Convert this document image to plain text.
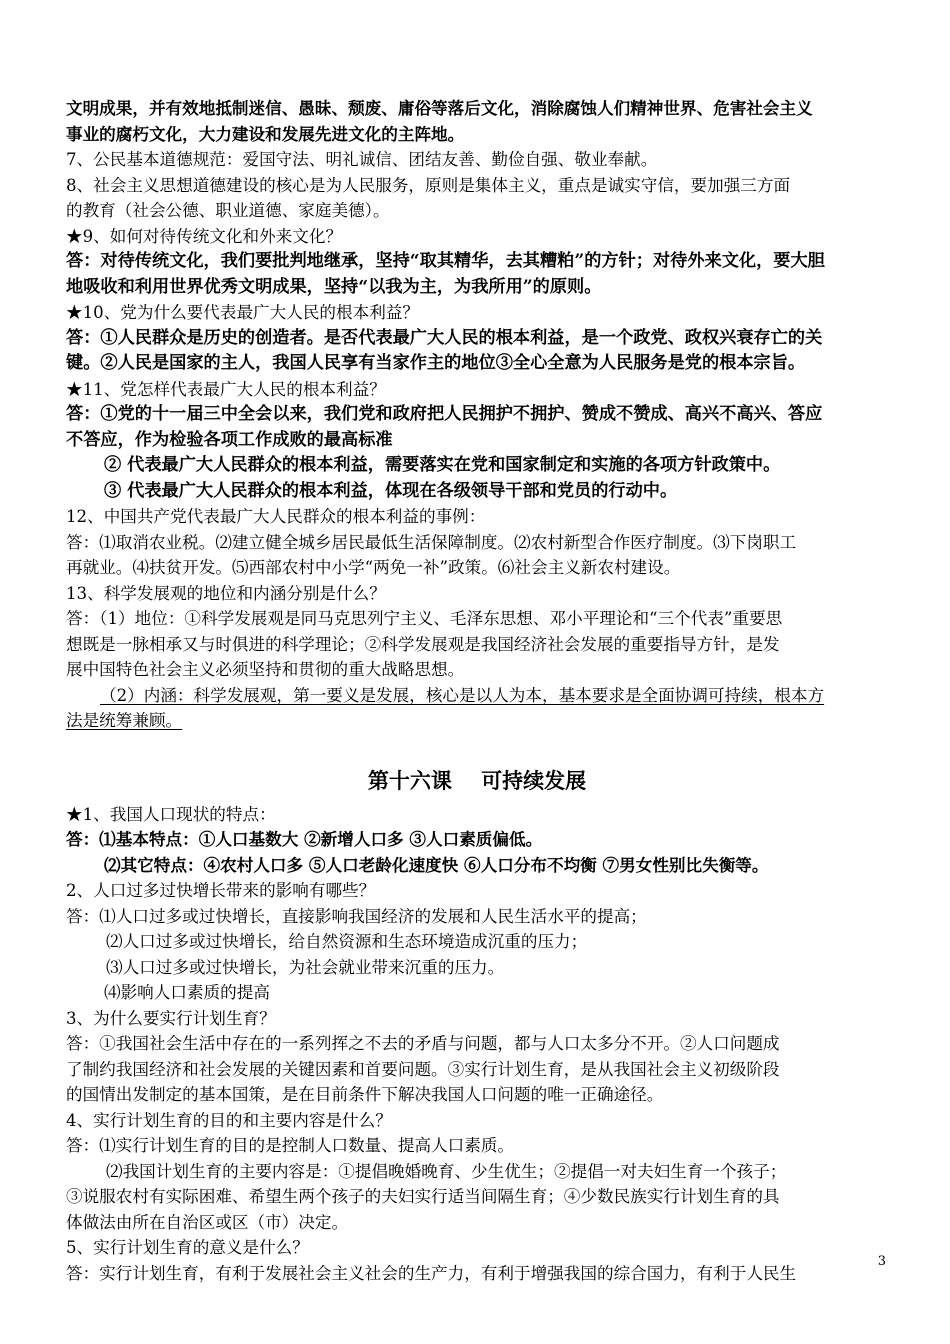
文明成果，并有效地抵制迷信、愚昧、颓废、庸俗等落后文化，消除腐蚀人们精神世界、危害社会主义
事业的腐朽文化，大力建设和发展先进文化的主阵地。
7、公民基本道德规范：爱国守法、明礼诚信、团结友善、勤俭自强、敬业奉献。
8、社会主义思想道德建设的核心是为人民服务，原则是集体主义，重点是诚实守信，要加强三方面
的教育（社会公德、职业道德、家庭美德）。
★9、如何对待传统文化和外来文化？
答：对待传统文化，我们要批判地继承，坚持“取其精华，去其糟粕”的方针；对待外来文化，要大胆
地吸收和利用世界优秀文明成果，坚持“以我为主，为我所用”的原则。
★10、党为什么要代表最广大人民的根本利益？
答：①人民群众是历史的创造者。是否代表最广大人民的根本利益，是一个政党、政权兴衰存亡的关
键。②人民是国家的主人，我国人民享有当家作主的地位③全心全意为人民服务是党的根本宗旨。
★11、党怎样代表最广大人民的根本利益？
答：①党的十一届三中全会以来，我们党和政府把人民拥护不拥护、赞成不赞成、高兴不高兴、答应
不答应，作为检验各项工作成败的最高标准
② 代表最广大人民群众的根本利益，需要落实在党和国家制定和实施的各项方针政策中。
③ 代表最广大人民群众的根本利益，体现在各级领导干部和党员的行动中。
12、中国共产党代表最广大人民群众的根本利益的事例：
答：⑴取消农业税。⑵建立健全城乡居民最低生活保障制度。⑵农村新型合作医疗制度。⑶下岗职工
再就业。⑷扶贫开发。⑸西部农村中小学“两免一补”政策。⑹社会主义新农村建设。
13、科学发展观的地位和内涵分别是什么？
答：（1）地位：①科学发展观是同马克思列宁主义、毛泽东思想、邓小平理论和“三个代表”重要思
想既是一脉相承又与时俱进的科学理论；②科学发展观是我国经济社会发展的重要指导方针，是发
展中国特色社会主义必须坚持和贯彻的重大战略思想。
（2）内涵：科学发展观，第一要义是发展，核心是以人为本，基本要求是全面协调可持续，根本方
法是统筹兼顾。
第十六课    可持续发展
★1、我国人口现状的特点：
答：⑴基本特点：①人口基数大 ②新增人口多 ③人口素质偏低。
⑵其它特点：④农村人口多 ⑤人口老龄化速度快 ⑥人口分布不均衡 ⑦男女性别比失衡等。
2、人口过多过快增长带来的影响有哪些？
答：⑴人口过多或过快增长，直接影响我国经济的发展和人民生活水平的提高；
⑵人口过多或过快增长，给自然资源和生态环境造成沉重的压力；
⑶人口过多或过快增长，为社会就业带来沉重的压力。
⑷影响人口素质的提高
3、为什么要实行计划生育？
答：①我国社会生活中存在的一系列挥之不去的矛盾与问题，都与人口太多分不开。②人口问题成
了制约我国经济和社会发展的关键因素和首要问题。③实行计划生育，是从我国社会主义初级阶段
的国情出发制定的基本国策，是在目前条件下解决我国人口问题的唯一正确途径。
4、实行计划生育的目的和主要内容是什么？
答：⑴实行计划生育的目的是控制人口数量、提高人口素质。
⑵我国计划生育的主要内容是：①提倡晚婚晚育、少生优生；②提倡一对夫妇生育一个孩子；
③说服农村有实际困难、希望生两个孩子的夫妇实行适当间隔生育；④少数民族实行计划生育的具
体做法由所在自治区或区（市）决定。
5、实行计划生育的意义是什么？
答：实行计划生育，有利于发展社会主义社会的生产力，有利于增强我国的综合国力，有利于人民生
3
